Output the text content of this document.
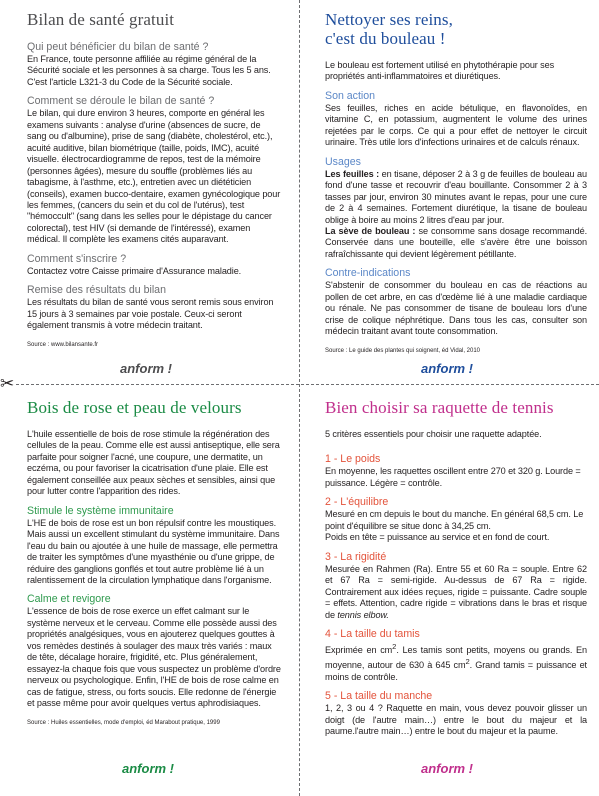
✂
Bilan de santé gratuit
Qui peut bénéficier du bilan de santé ?

En France, toute personne affiliée au régime général de la Sécurité sociale et les personnes à sa charge. Tous les 5 ans. C'est l'article L321-3 du Code de la Sécurité sociale.

Comment se déroule le bilan de santé ?

Le bilan, qui dure environ 3 heures, comporte en général les examens suivants : analyse d'urine (absences de sucre, de sang ou d'albumine), prise de sang (diabète, cholestérol, etc.), acuité auditive, bilan biométrique (taille, poids, IMC), acuité visuelle. électrocardiogramme de repos, test de la mémoire (personnes âgées), mesure du souffle (problèmes liés au tabagisme, à l'asthme, etc.), entretien avec un diététicien (conseils), examen bucco-dentaire, examen gynécologique pour les femmes, (cancers du sein et du col de l'utérus), test "hémoccult" (sang dans les selles pour le dépistage du cancer colorectal), test HIV (si demande de l'intéressé), examen médical. Il complète les examens cités auparavant.

Comment s'inscrire ?

Contactez votre Caisse primaire d'Assurance maladie.

Remise des résultats du bilan

Les résultats du bilan de santé vous seront remis sous environ 15 jours à 3 semaines par voie postale. Ceux-ci seront également transmis à votre médecin traitant.

Source : www.bilansante.fr
anform !
Nettoyer ses reins,
c'est du bouleau !

Le bouleau est fortement utilisé en phytothérapie pour ses propriétés anti-inflammatoires et diurétiques.

Son action

Ses feuilles, riches en acide bétulique, en flavonoïdes, en vitamine C, en potassium, augmentent le volume des urines rejetées par le corps. Ce qui a pour effet de nettoyer le circuit urinaire. Très utile lors d'infections urinaires et de calculs rénaux.

Usages

Les feuilles : en tisane, déposer 2 à 3 g de feuilles de bouleau au fond d'une tasse et recouvrir d'eau bouillante. Consommer 2 à 3 tasses par jour, environ 30 minutes avant le repas, pour une cure de 2 à 4 semaines. Fortement diurétique, la tisane de bouleau oblige à boire au moins 2 litres d'eau par jour.

La sève de bouleau : se consomme sans dosage recommandé. Conservée dans une bouteille, elle s'avère être une boisson rafraîchissante qui devient légèrement pétillante.

Contre-indications

S'abstenir de consommer du bouleau en cas de réactions au pollen de cet arbre, en cas d'œdème lié à une maladie cardiaque ou rénale. Ne pas consommer de tisane de bouleau lors d'une crise de colique néphrétique. Dans tous les cas, consulter son médecin traitant avant toute consommation.

Source : Le guide des plantes qui soignent, éd Vidal, 2010
anform !
Bois de rose et peau de velours

L'huile essentielle de bois de rose stimule la régénération des cellules de la peau. Comme elle est aussi antiseptique, elle sera parfaite pour soigner l'acné, une coupure, une dermatite, un eczéma, ou pour favoriser la cicatrisation d'une plaie. Elle est également conseillée aux peaux sèches et sensibles, ainsi que pour lutter contre l'apparition des rides.

Stimule le système immunitaire

L'HE de bois de rose est un bon répulsif contre les moustiques. Mais aussi un excellent stimulant du système immunitaire. Dans l'eau du bain ou ajoutée à une huile de massage, elle permettra de traiter les symptômes d'une myasthénie ou d'une grippe, de réduire des ganglions gonflés et tout autre problème lié à un ralentissement de la circulation lymphatique dans l'organisme.

Calme et revigore

L'essence de bois de rose exerce un effet calmant sur le système nerveux et le cerveau. Comme elle possède aussi des propriétés analgésiques, vous en ajouterez quelques gouttes à vos remèdes destinés à soulager des maux très variés : maux de tête, décalage horaire, frigidité, etc. Plus généralement, essayez-la chaque fois que vous suspectez un problème d'ordre nerveux ou psychologique. Enfin, l'HE de bois de rose calme en cas de fatigue, stress, ou forts soucis. Elle redonne de l'énergie et passe même pour avoir quelques vertus aphrodisiaques.

Source : Huiles essentielles, mode d'emploi, éd Marabout pratique, 1999
anform !
Bien choisir sa raquette de tennis

5 critères essentiels pour choisir une raquette adaptée.

1 - Le poids

En moyenne, les raquettes oscillent entre 270 et 320 g. Lourde = puissance. Légère = contrôle.

2 - L'équilibre

Mesuré en cm depuis le bout du manche. En général 68,5 cm. Le point d'équilibre se situe donc à 34,25 cm.

Poids en tête = puissance au service et en fond de court.

3 - La rigidité

Mesurée en Rahmen (Ra). Entre 55 et 60 Ra = souple. Entre 62 et 67 Ra = semi-rigide. Au-dessus de 67 Ra = rigide. Contrairement aux idées reçues, rigide = puissante. Cadre souple = effets. Attention, cadre rigide = vibrations dans le bras et risque de tennis elbow.

4 - La taille du tamis

Exprimée en $cm^2$. Les tamis sont petits, moyens ou grands. En moyenne, autour de 630 à 645 $cm^2$. Grand tamis = puissance et moins de contrôle.

5 - La taille du manche

1, 2, 3 ou 4 ? Raquette en main, vous devez pouvoir glisser un doigt (de l'autre main…) entre le bout du majeur et la paume.l'autre main…) entre le bout du majeur et la paume.

anform !
